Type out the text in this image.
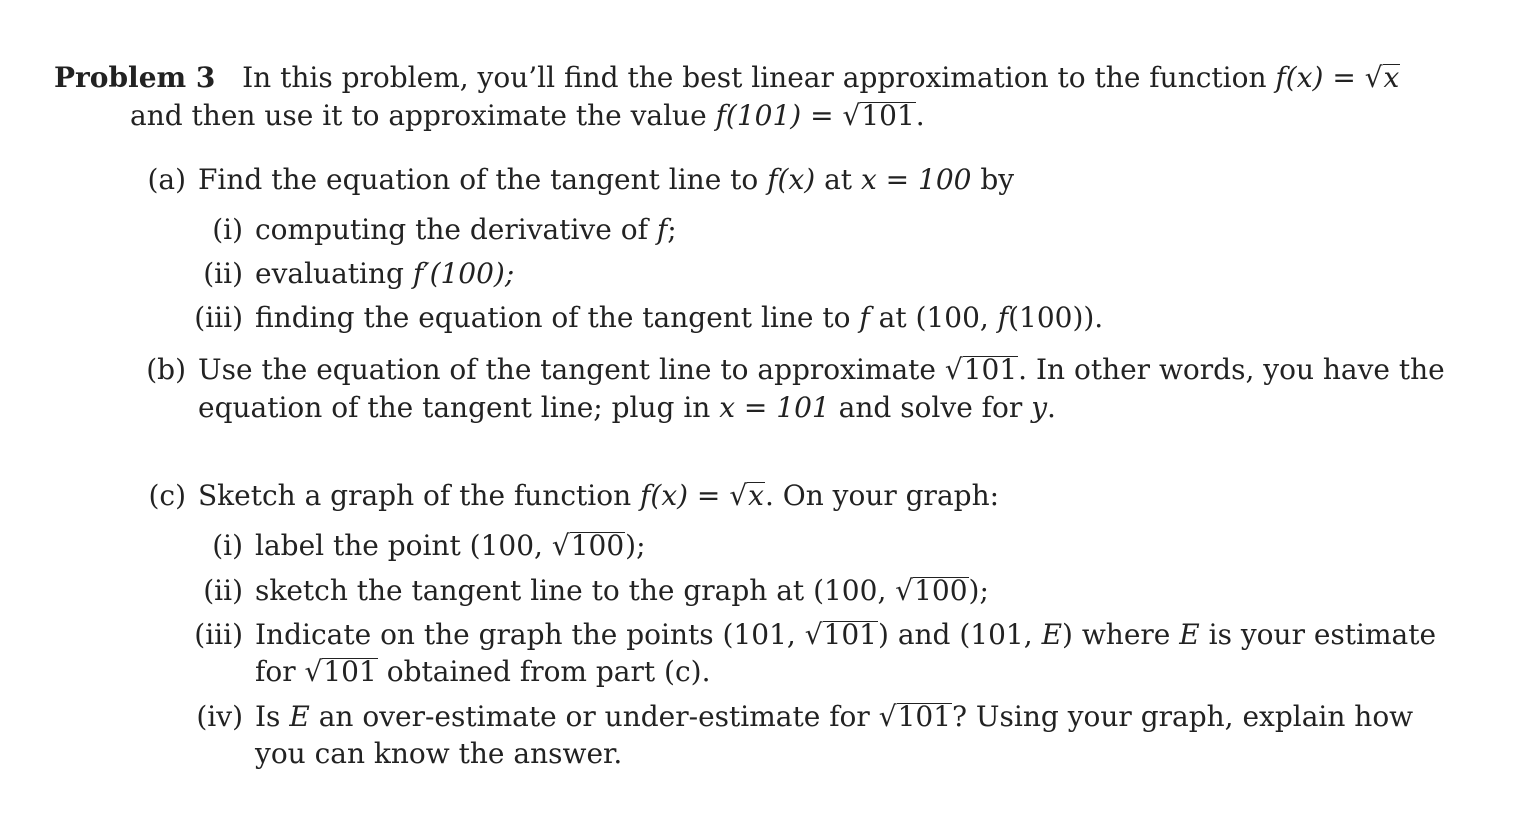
Problem 3 In this problem, you’ll find the best linear approximation to the function f(x) = √x
and then use it to approximate the value f(101) = √101.
(a) Find the equation of the tangent line to f(x) at x = 100 by
(i) computing the derivative of f;
(ii) evaluating f′(100);
(iii) finding the equation of the tangent line to f at (100, f(100)).
(b) Use the equation of the tangent line to approximate √101. In other words, you have the
equation of the tangent line; plug in x = 101 and solve for y.
(c) Sketch a graph of the function f(x) = √x. On your graph:
(i) label the point (100, √100);
(ii) sketch the tangent line to the graph at (100, √100);
(iii) Indicate on the graph the points (101, √101) and (101, E) where E is your estimate
for √101 obtained from part (c).
(iv) Is E an over-estimate or under-estimate for √101? Using your graph, explain how
you can know the answer.
